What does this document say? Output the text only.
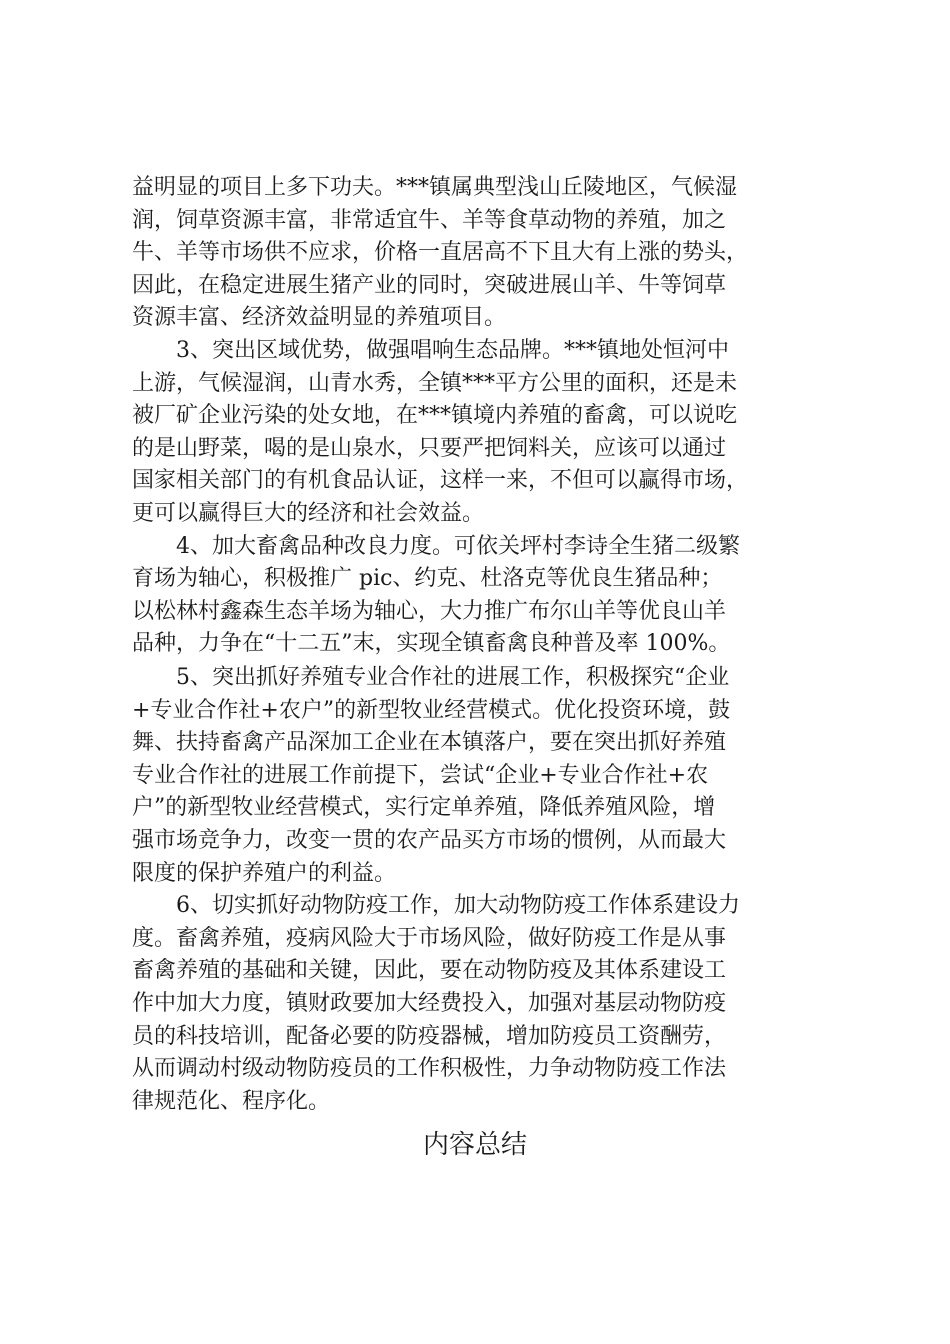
益明显的项目上多下功夫。***镇属典型浅山丘陵地区，气候湿
润，饲草资源丰富，非常适宜牛、羊等食草动物的养殖，加之
牛、羊等市场供不应求，价格一直居高不下且大有上涨的势头，
因此，在稳定进展生猪产业的同时，突破进展山羊、牛等饲草
资源丰富、经济效益明显的养殖项目。
　　3、突出区域优势，做强唱响生态品牌。***镇地处恒河中
上游，气候湿润，山青水秀，全镇***平方公里的面积，还是未
被厂矿企业污染的处女地，在***镇境内养殖的畜禽，可以说吃
的是山野菜，喝的是山泉水，只要严把饲料关，应该可以通过
国家相关部门的有机食品认证，这样一来，不但可以赢得市场，
更可以赢得巨大的经济和社会效益。
　　4、加大畜禽品种改良力度。可依关坪村李诗全生猪二级繁
育场为轴心，积极推广 pic、约克、杜洛克等优良生猪品种；
以松林村鑫森生态羊场为轴心，大力推广布尔山羊等优良山羊
品种，力争在“十二五”末，实现全镇畜禽良种普及率 100%。
　　5、突出抓好养殖专业合作社的进展工作，积极探究“企业
+专业合作社+农户”的新型牧业经营模式。优化投资环境，鼓
舞、扶持畜禽产品深加工企业在本镇落户，要在突出抓好养殖
专业合作社的进展工作前提下，尝试“企业+专业合作社+农
户”的新型牧业经营模式，实行定单养殖，降低养殖风险，增
强市场竞争力，改变一贯的农产品买方市场的惯例，从而最大
限度的保护养殖户的利益。
　　6、切实抓好动物防疫工作，加大动物防疫工作体系建设力
度。畜禽养殖，疫病风险大于市场风险，做好防疫工作是从事
畜禽养殖的基础和关键，因此，要在动物防疫及其体系建设工
作中加大力度，镇财政要加大经费投入，加强对基层动物防疫
员的科技培训，配备必要的防疫器械，增加防疫员工资酬劳，
从而调动村级动物防疫员的工作积极性，力争动物防疫工作法
律规范化、程序化。
内容总结
